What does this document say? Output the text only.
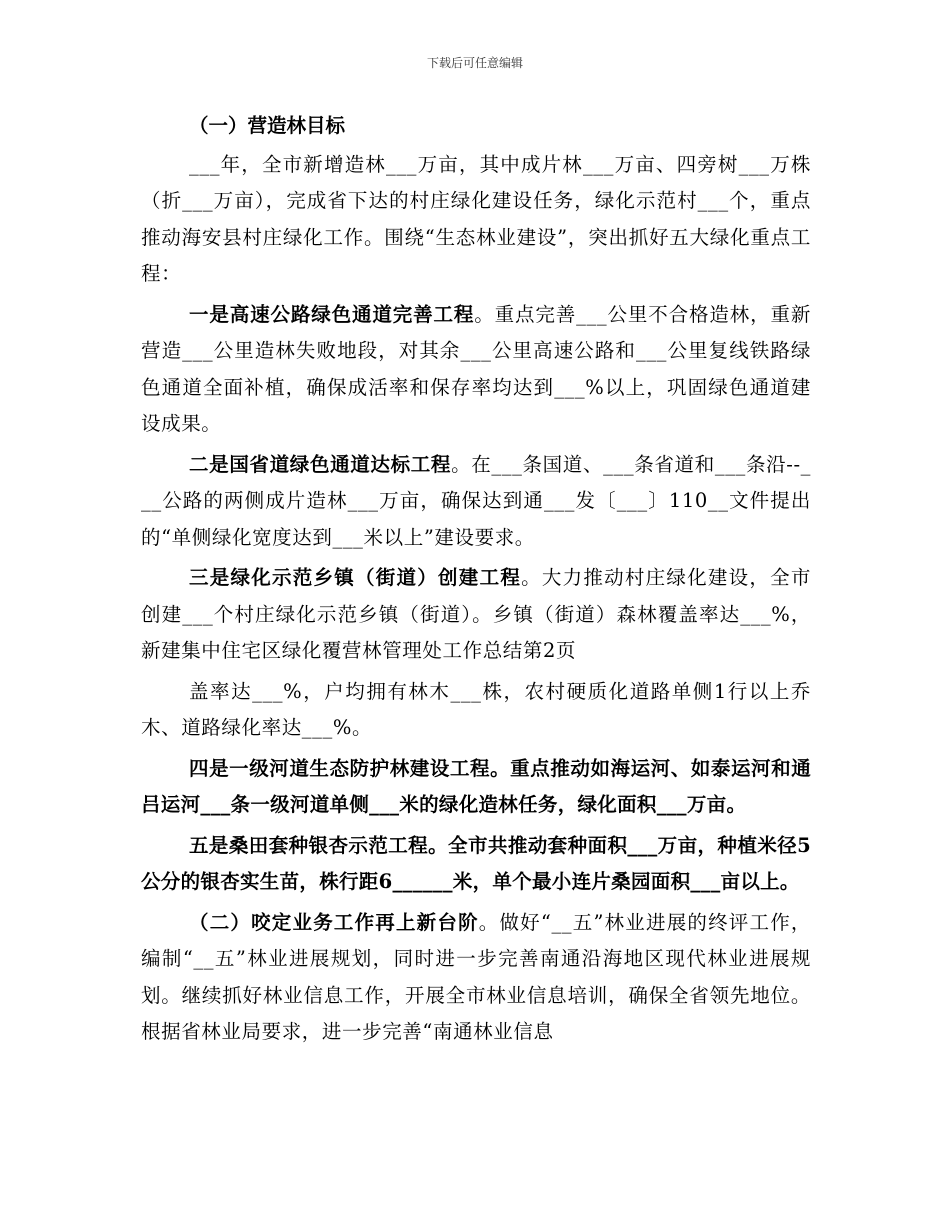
下载后可任意编辑
（一）营造林目标

___年，全市新增造林___万亩，其中成片林___万亩、四旁树___万株（折___万亩），完成省下达的村庄绿化建设任务，绿化示范村___个，重点推动海安县村庄绿化工作。围绕“生态林业建设”，突出抓好五大绿化重点工程：

一是高速公路绿色通道完善工程。重点完善___公里不合格造林，重新营造___公里造林失败地段，对其余___公里高速公路和___公里复线铁路绿色通道全面补植，确保成活率和保存率均达到___%以上，巩固绿色通道建设成果。

二是国省道绿色通道达标工程。在___条国道、___条省道和___条沿--___公路的两侧成片造林___万亩，确保达到通___发〔___〕110__文件提出的“单侧绿化宽度达到___米以上”建设要求。

三是绿化示范乡镇（街道）创建工程。大力推动村庄绿化建设，全市创建___个村庄绿化示范乡镇（街道）。乡镇（街道）森林覆盖率达___%，新建集中住宅区绿化覆营林管理处工作总结第2页

盖率达___%，户均拥有林木___株，农村硬质化道路单侧1行以上乔木、道路绿化率达___%。

四是一级河道生态防护林建设工程。重点推动如海运河、如泰运河和通吕运河___条一级河道单侧___米的绿化造林任务，绿化面积___万亩。

五是桑田套种银杏示范工程。全市共推动套种面积___万亩，种植米径5公分的银杏实生苗，株行距6______米，单个最小连片桑园面积___亩以上。

（二）咬定业务工作再上新台阶。做好“__五”林业进展的终评工作，编制“__五”林业进展规划，同时进一步完善南通沿海地区现代林业进展规划。继续抓好林业信息工作，开展全市林业信息培训，确保全省领先地位。根据省林业局要求，进一步完善“南通林业信息
